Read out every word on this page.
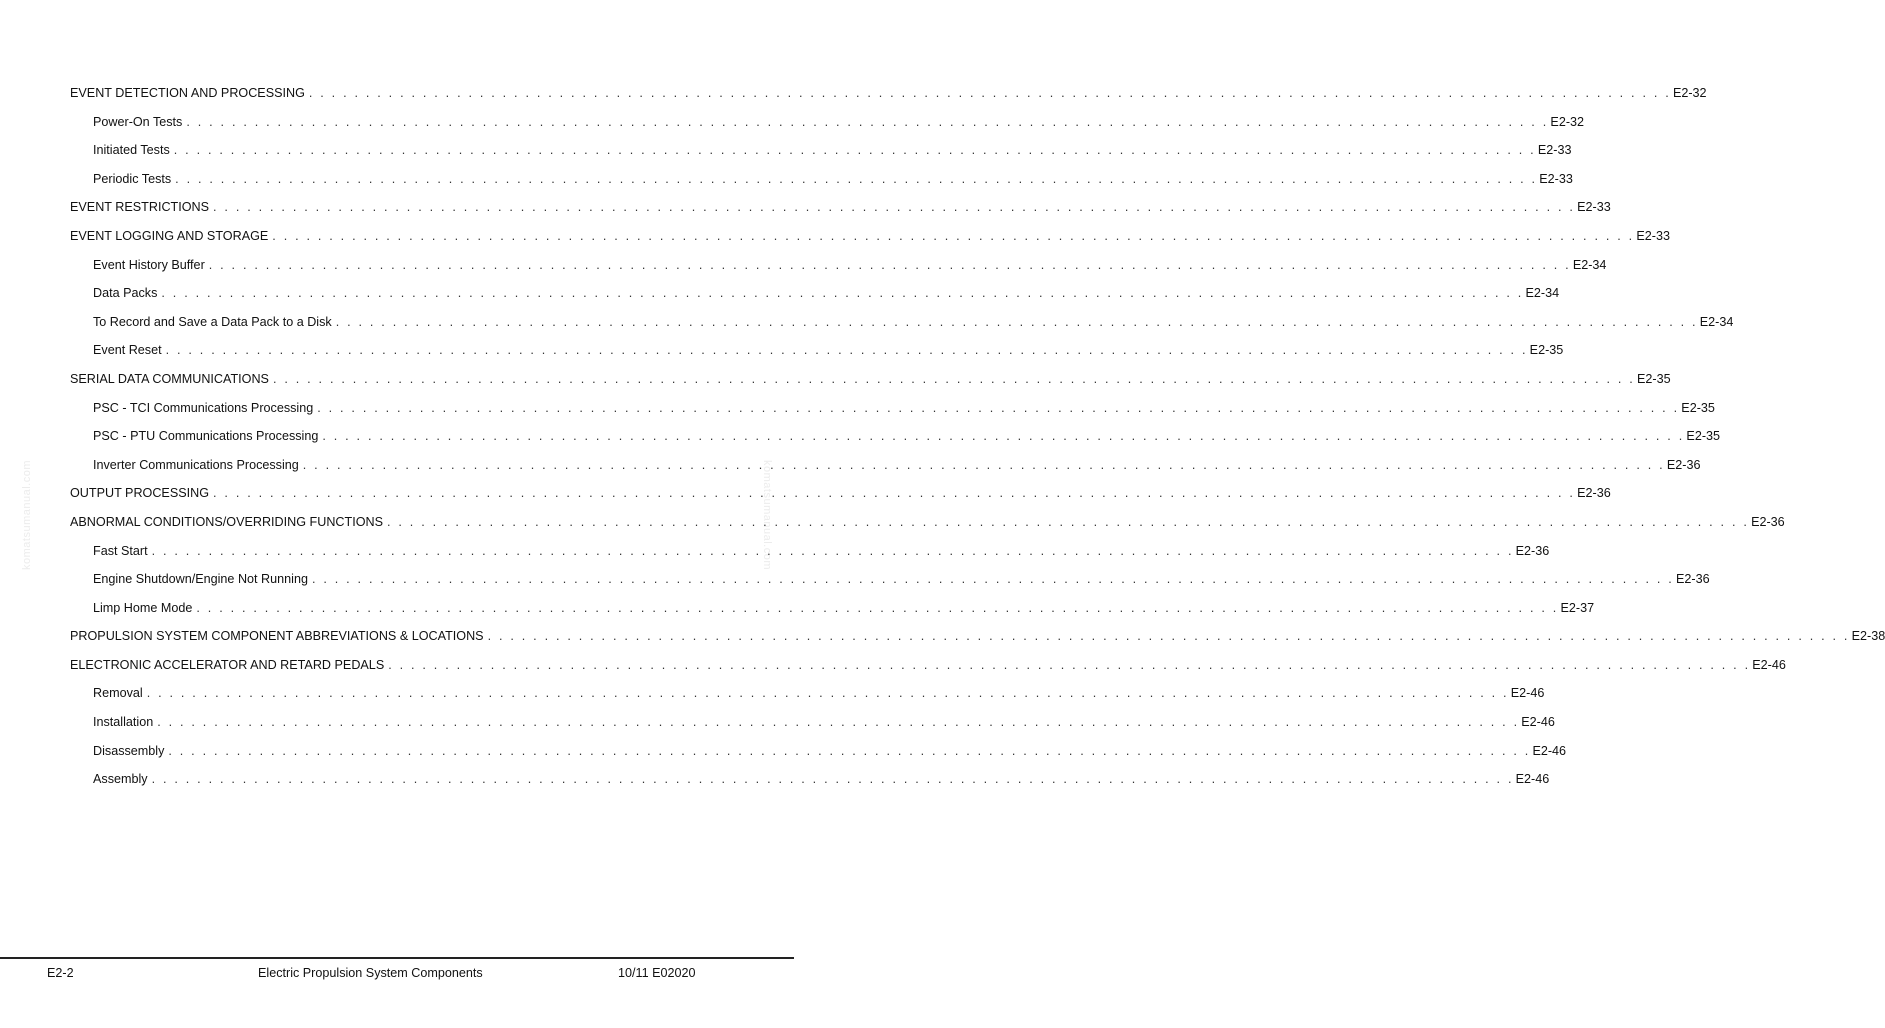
komatsumanual.com	komatsumanual.com
EVENT DETECTION AND PROCESSING . . . . . . . . . . . . . . . . . . . . . . . . . . . . . . . . . . . . . . . . . . . . . . . . . . . . . . . . . . . . . . . . . . . . . . . . . . . . . . . . . . . . . . . . . . . . . . . . . . . . . . . . . . . . . . . . . . . . . . . . E2-32
Power-On Tests . . . . . . . . . . . . . . . . . . . . . . . . . . . . . . . . . . . . . . . . . . . . . . . . . . . . . . . . . . . . . . . . . . . . . . . . . . . . . . . . . . . . . . . . . . . . . . . . . . . . . . . . . . . . . . . . . . . . . . . . E2-32
Initiated Tests . . . . . . . . . . . . . . . . . . . . . . . . . . . . . . . . . . . . . . . . . . . . . . . . . . . . . . . . . . . . . . . . . . . . . . . . . . . . . . . . . . . . . . . . . . . . . . . . . . . . . . . . . . . . . . . . . . . . . . . . E2-33
Periodic Tests . . . . . . . . . . . . . . . . . . . . . . . . . . . . . . . . . . . . . . . . . . . . . . . . . . . . . . . . . . . . . . . . . . . . . . . . . . . . . . . . . . . . . . . . . . . . . . . . . . . . . . . . . . . . . . . . . . . . . . . . E2-33
EVENT RESTRICTIONS . . . . . . . . . . . . . . . . . . . . . . . . . . . . . . . . . . . . . . . . . . . . . . . . . . . . . . . . . . . . . . . . . . . . . . . . . . . . . . . . . . . . . . . . . . . . . . . . . . . . . . . . . . . . . . . . . . . . . . . . E2-33
EVENT LOGGING AND STORAGE . . . . . . . . . . . . . . . . . . . . . . . . . . . . . . . . . . . . . . . . . . . . . . . . . . . . . . . . . . . . . . . . . . . . . . . . . . . . . . . . . . . . . . . . . . . . . . . . . . . . . . . . . . . . . . . . . . . . . . . . E2-33
Event History Buffer . . . . . . . . . . . . . . . . . . . . . . . . . . . . . . . . . . . . . . . . . . . . . . . . . . . . . . . . . . . . . . . . . . . . . . . . . . . . . . . . . . . . . . . . . . . . . . . . . . . . . . . . . . . . . . . . . . . . . . . . E2-34
Data Packs . . . . . . . . . . . . . . . . . . . . . . . . . . . . . . . . . . . . . . . . . . . . . . . . . . . . . . . . . . . . . . . . . . . . . . . . . . . . . . . . . . . . . . . . . . . . . . . . . . . . . . . . . . . . . . . . . . . . . . . . E2-34
To Record and Save a Data Pack to a Disk . . . . . . . . . . . . . . . . . . . . . . . . . . . . . . . . . . . . . . . . . . . . . . . . . . . . . . . . . . . . . . . . . . . . . . . . . . . . . . . . . . . . . . . . . . . . . . . . . . . . . . . . . . . . . . . . . . . . . . . . E2-34
Event Reset . . . . . . . . . . . . . . . . . . . . . . . . . . . . . . . . . . . . . . . . . . . . . . . . . . . . . . . . . . . . . . . . . . . . . . . . . . . . . . . . . . . . . . . . . . . . . . . . . . . . . . . . . . . . . . . . . . . . . . . . E2-35
SERIAL DATA COMMUNICATIONS . . . . . . . . . . . . . . . . . . . . . . . . . . . . . . . . . . . . . . . . . . . . . . . . . . . . . . . . . . . . . . . . . . . . . . . . . . . . . . . . . . . . . . . . . . . . . . . . . . . . . . . . . . . . . . . . . . . . . . . . E2-35
PSC - TCI Communications Processing . . . . . . . . . . . . . . . . . . . . . . . . . . . . . . . . . . . . . . . . . . . . . . . . . . . . . . . . . . . . . . . . . . . . . . . . . . . . . . . . . . . . . . . . . . . . . . . . . . . . . . . . . . . . . . . . . . . . . . . . E2-35
PSC - PTU Communications Processing . . . . . . . . . . . . . . . . . . . . . . . . . . . . . . . . . . . . . . . . . . . . . . . . . . . . . . . . . . . . . . . . . . . . . . . . . . . . . . . . . . . . . . . . . . . . . . . . . . . . . . . . . . . . . . . . . . . . . . . . E2-35
Inverter Communications Processing . . . . . . . . . . . . . . . . . . . . . . . . . . . . . . . . . . . . . . . . . . . . . . . . . . . . . . . . . . . . . . . . . . . . . . . . . . . . . . . . . . . . . . . . . . . . . . . . . . . . . . . . . . . . . . . . . . . . . . . . E2-36
OUTPUT PROCESSING . . . . . . . . . . . . . . . . . . . . . . . . . . . . . . . . . . . . . . . . . . . . . . . . . . . . . . . . . . . . . . . . . . . . . . . . . . . . . . . . . . . . . . . . . . . . . . . . . . . . . . . . . . . . . . . . . . . . . . . . E2-36
ABNORMAL CONDITIONS/OVERRIDING FUNCTIONS . . . . . . . . . . . . . . . . . . . . . . . . . . . . . . . . . . . . . . . . . . . . . . . . . . . . . . . . . . . . . . . . . . . . . . . . . . . . . . . . . . . . . . . . . . . . . . . . . . . . . . . . . . . . . . . . . . . . . . . . E2-36
Fast Start . . . . . . . . . . . . . . . . . . . . . . . . . . . . . . . . . . . . . . . . . . . . . . . . . . . . . . . . . . . . . . . . . . . . . . . . . . . . . . . . . . . . . . . . . . . . . . . . . . . . . . . . . . . . . . . . . . . . . . . . E2-36
Engine Shutdown/Engine Not Running . . . . . . . . . . . . . . . . . . . . . . . . . . . . . . . . . . . . . . . . . . . . . . . . . . . . . . . . . . . . . . . . . . . . . . . . . . . . . . . . . . . . . . . . . . . . . . . . . . . . . . . . . . . . . . . . . . . . . . . . E2-36
Limp Home Mode . . . . . . . . . . . . . . . . . . . . . . . . . . . . . . . . . . . . . . . . . . . . . . . . . . . . . . . . . . . . . . . . . . . . . . . . . . . . . . . . . . . . . . . . . . . . . . . . . . . . . . . . . . . . . . . . . . . . . . . . E2-37
PROPULSION SYSTEM COMPONENT ABBREVIATIONS & LOCATIONS . . . . . . . . . . . . . . . . . . . . . . . . . . . . . . . . . . . . . . . . . . . . . . . . . . . . . . . . . . . . . . . . . . . . . . . . . . . . . . . . . . . . . . . . . . . . . . . . . . . . . . . . . . . . . . . . . . . . . . . . E2-38
ELECTRONIC ACCELERATOR AND RETARD PEDALS . . . . . . . . . . . . . . . . . . . . . . . . . . . . . . . . . . . . . . . . . . . . . . . . . . . . . . . . . . . . . . . . . . . . . . . . . . . . . . . . . . . . . . . . . . . . . . . . . . . . . . . . . . . . . . . . . . . . . . . . E2-46
Removal . . . . . . . . . . . . . . . . . . . . . . . . . . . . . . . . . . . . . . . . . . . . . . . . . . . . . . . . . . . . . . . . . . . . . . . . . . . . . . . . . . . . . . . . . . . . . . . . . . . . . . . . . . . . . . . . . . . . . . . . E2-46
Installation . . . . . . . . . . . . . . . . . . . . . . . . . . . . . . . . . . . . . . . . . . . . . . . . . . . . . . . . . . . . . . . . . . . . . . . . . . . . . . . . . . . . . . . . . . . . . . . . . . . . . . . . . . . . . . . . . . . . . . . . E2-46
Disassembly . . . . . . . . . . . . . . . . . . . . . . . . . . . . . . . . . . . . . . . . . . . . . . . . . . . . . . . . . . . . . . . . . . . . . . . . . . . . . . . . . . . . . . . . . . . . . . . . . . . . . . . . . . . . . . . . . . . . . . . . E2-46
Assembly . . . . . . . . . . . . . . . . . . . . . . . . . . . . . . . . . . . . . . . . . . . . . . . . . . . . . . . . . . . . . . . . . . . . . . . . . . . . . . . . . . . . . . . . . . . . . . . . . . . . . . . . . . . . . . . . . . . . . . . . E2-46
E2-2	Electric Propulsion System Components	10/11 E02020
